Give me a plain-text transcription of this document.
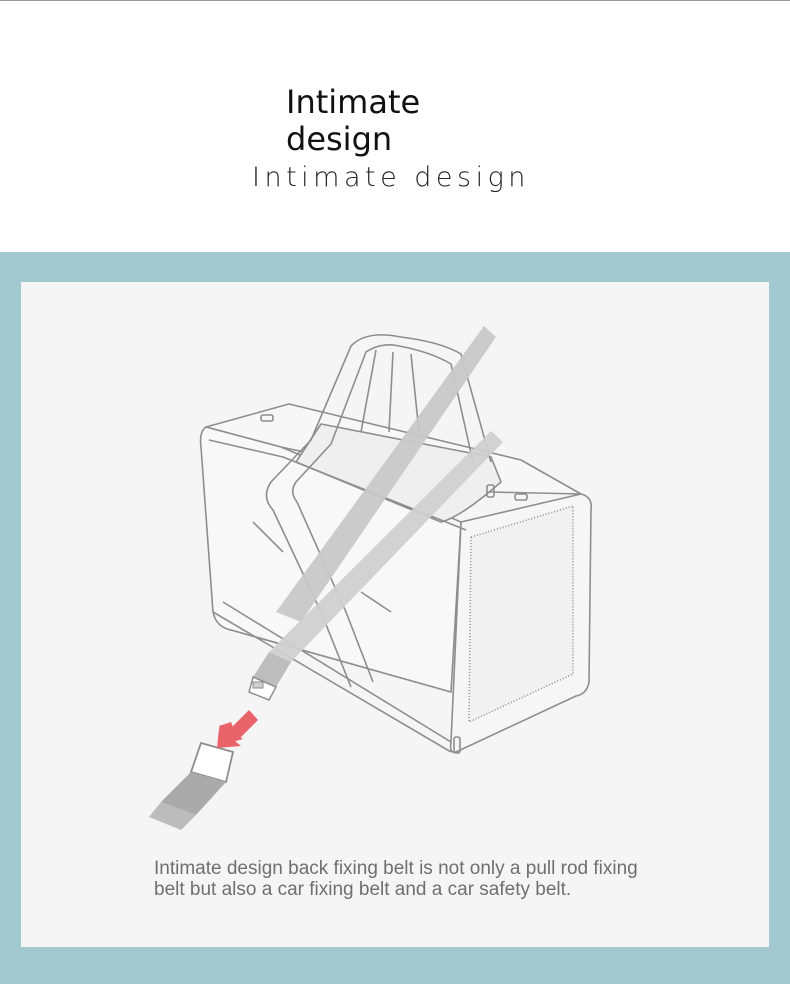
Intimate
design
Intimate design
Intimate design back fixing belt is not only a pull rod fixing belt but also a car fixing belt and a car safety belt.
